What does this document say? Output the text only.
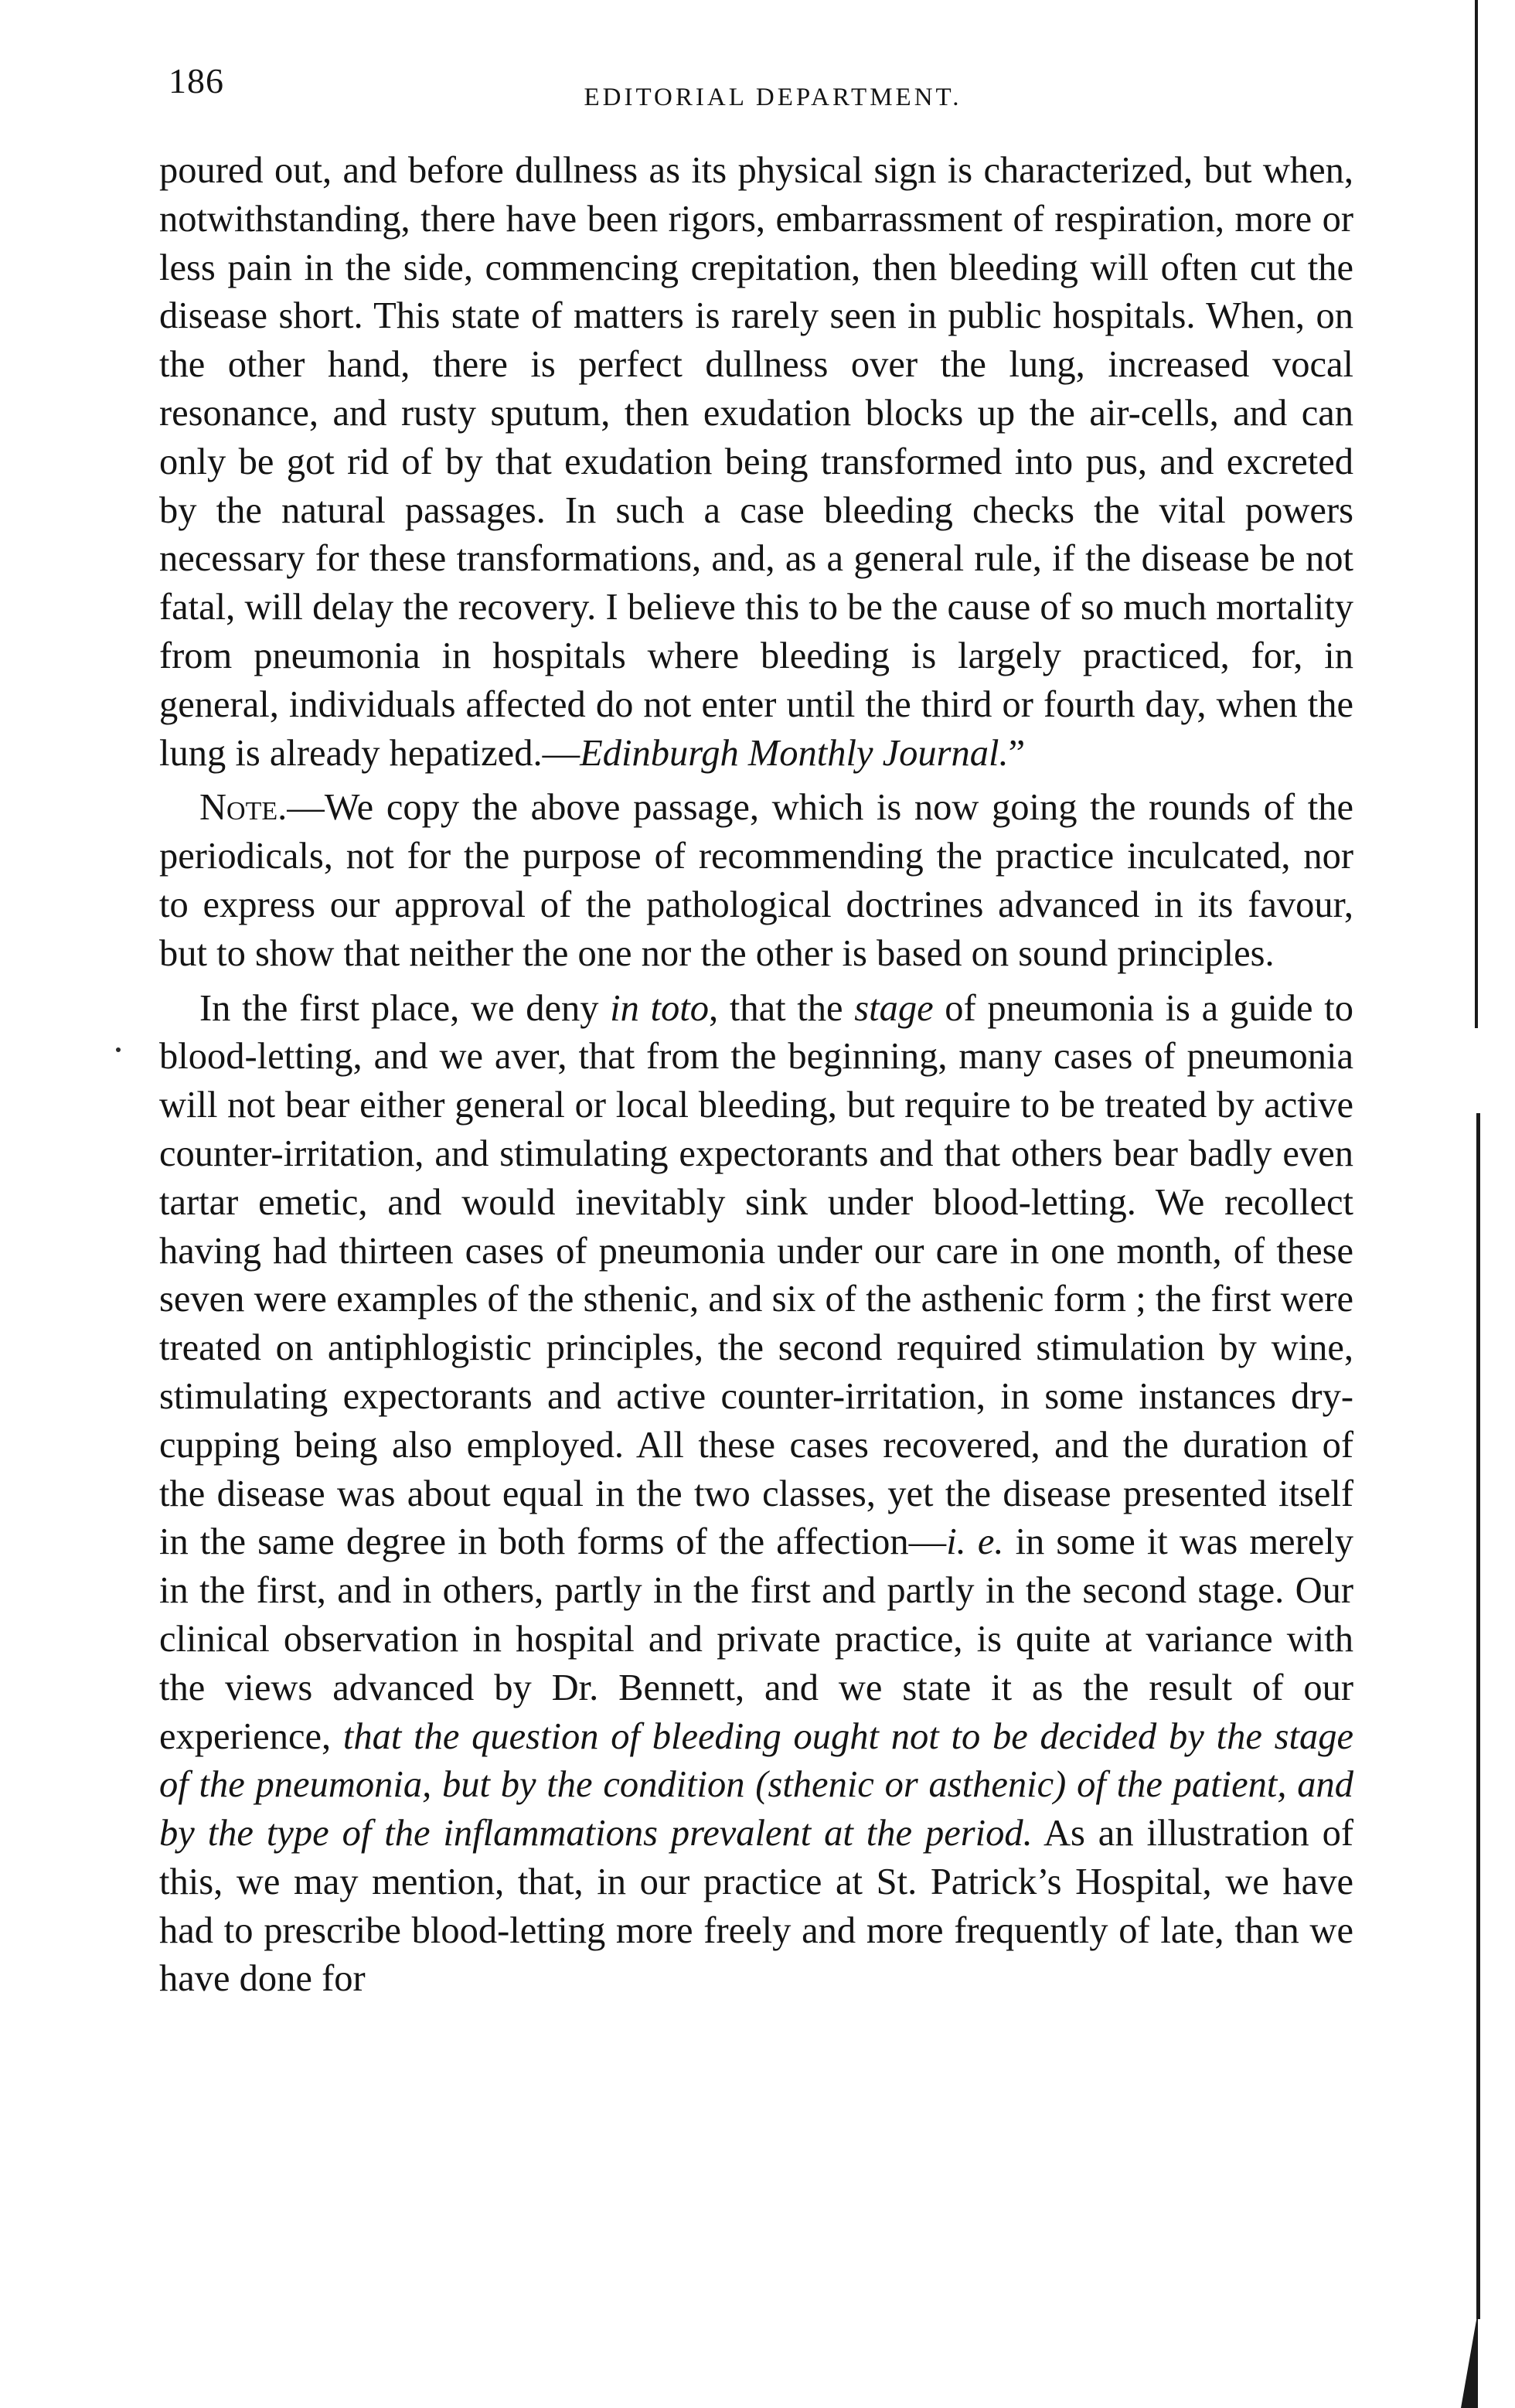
186	EDITORIAL DEPARTMENT.

poured out, and before dullness as its physical sign is characterized, but when, notwithstanding, there have been rigors, embarrassment of respiration, more or less pain in the side, commencing crepitation, then bleeding will often cut the disease short. This state of matters is rarely seen in public hospitals. When, on the other hand, there is perfect dullness over the lung, increased vocal resonance, and rusty sputum, then exudation blocks up the air-cells, and can only be got rid of by that exudation being transformed into pus, and excreted by the natural passages. In such a case bleeding checks the vital powers necessary for these transformations, and, as a general rule, if the disease be not fatal, will delay the recovery. I believe this to be the cause of so much mortality from pneumonia in hospitals where bleeding is largely practiced, for, in general, individuals affected do not enter until the third or fourth day, when the lung is already hepatized.—Edinburgh Monthly Journal.”

Note.—We copy the above passage, which is now going the rounds of the periodicals, not for the purpose of recommending the practice inculcated, nor to express our approval of the pathological doctrines advanced in its favour, but to show that neither the one nor the other is based on sound principles.

In the first place, we deny in toto, that the stage of pneumonia is a guide to blood-letting, and we aver, that from the beginning, many cases of pneumonia will not bear either general or local bleeding, but require to be treated by active counter-irritation, and stimulating expectorants and that others bear badly even tartar emetic, and would inevitably sink under blood-letting. We recollect having had thirteen cases of pneumonia under our care in one month, of these seven were examples of the sthenic, and six of the asthenic form ; the first were treated on antiphlogistic principles, the second required stimulation by wine, stimulating expectorants and active counter-irritation, in some instances dry-cupping being also employed. All these cases recovered, and the duration of the disease was about equal in the two classes, yet the disease presented itself in the same degree in both forms of the affection—i. e. in some it was merely in the first, and in others, partly in the first and partly in the second stage. Our clinical observation in hospital and private practice, is quite at variance with the views advanced by Dr. Bennett, and we state it as the result of our experience, that the question of bleeding ought not to be decided by the stage of the pneumonia, but by the condition (sthenic or asthenic) of the patient, and by the type of the inflammations prevalent at the period. As an illustration of this, we may mention, that, in our practice at St. Patrick’s Hospital, we have had to prescribe blood-letting more freely and more frequently of late, than we have done for
